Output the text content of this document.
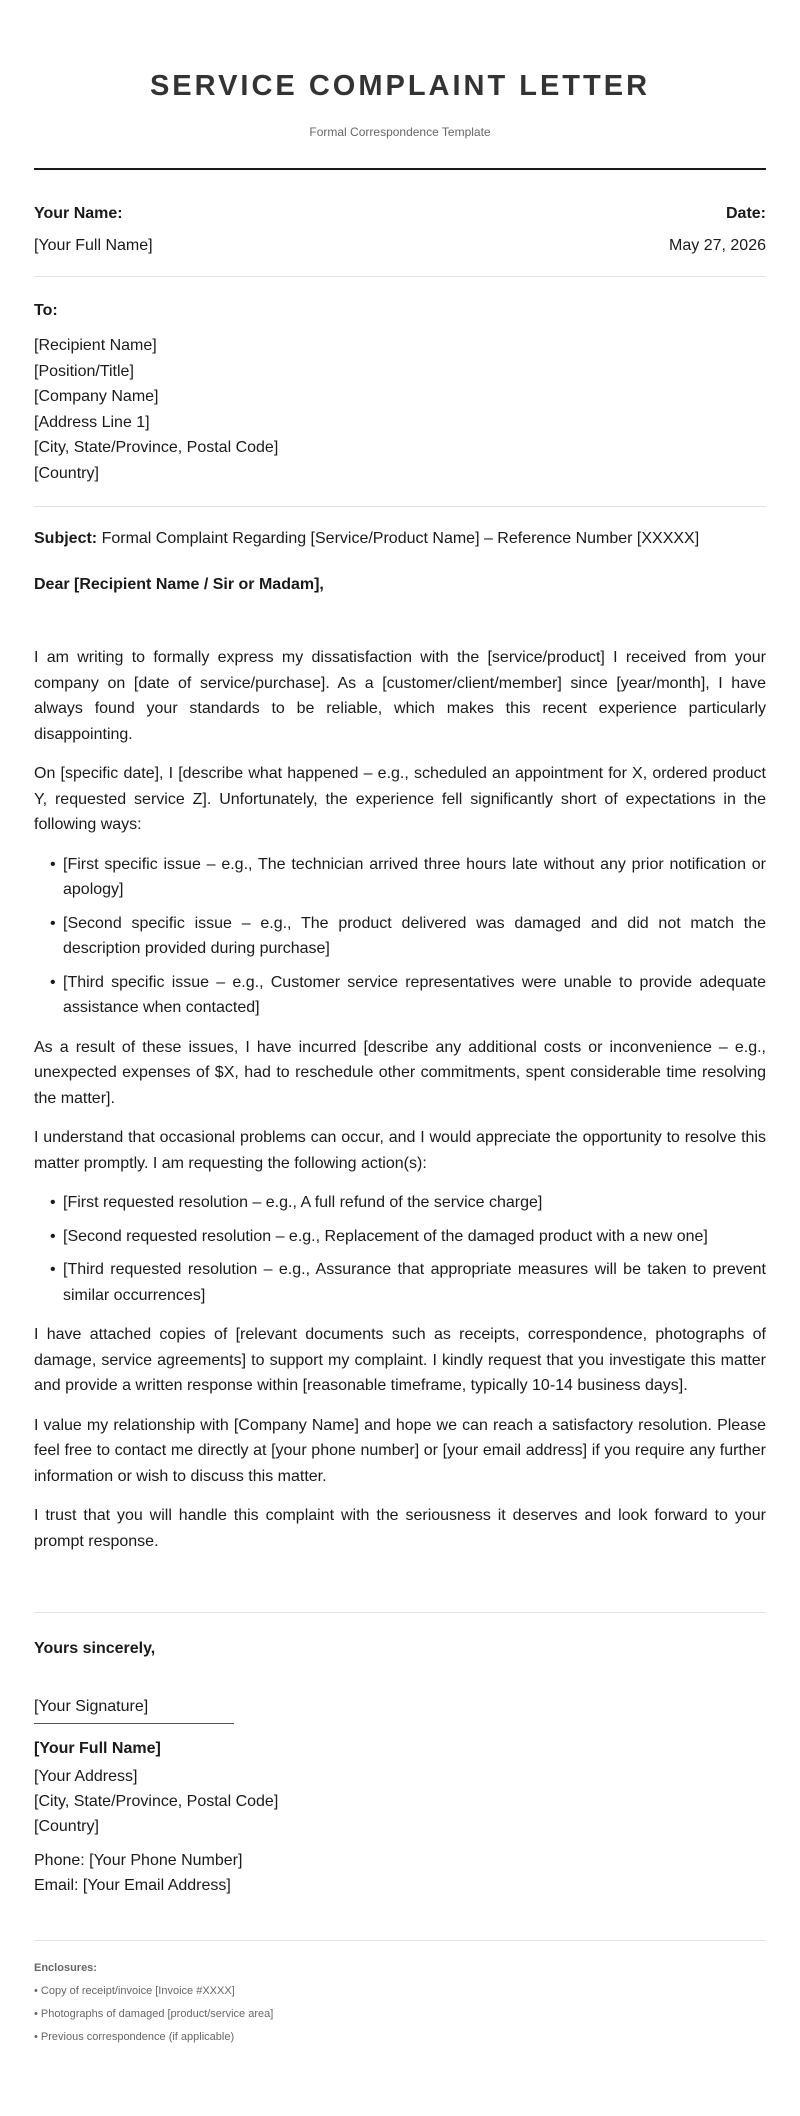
SERVICE COMPLAINT LETTER
Formal Correspondence Template
Your Name:
[Your Full Name]
Date:
May 27, 2026
To:
[Recipient Name]
[Position/Title]
[Company Name]
[Address Line 1]
[City, State/Province, Postal Code]
[Country]
Subject: Formal Complaint Regarding [Service/Product Name] – Reference Number [XXXXX]
Dear [Recipient Name / Sir or Madam],

I am writing to formally express my dissatisfaction with the [service/product] I received from your company on [date of service/purchase]. As a [customer/client/member] since [year/month], I have always found your standards to be reliable, which makes this recent experience particularly disappointing.

On [specific date], I [describe what happened – e.g., scheduled an appointment for X, ordered product Y, requested service Z]. Unfortunately, the experience fell significantly short of expectations in the following ways:

• [First specific issue – e.g., The technician arrived three hours late without any prior notification or apology]
• [Second specific issue – e.g., The product delivered was damaged and did not match the description provided during purchase]
• [Third specific issue – e.g., Customer service representatives were unable to provide adequate assistance when contacted]

As a result of these issues, I have incurred [describe any additional costs or inconvenience – e.g., unexpected expenses of $X, had to reschedule other commitments, spent considerable time resolving the matter].

I understand that occasional problems can occur, and I would appreciate the opportunity to resolve this matter promptly. I am requesting the following action(s):

• [First requested resolution – e.g., A full refund of the service charge]
• [Second requested resolution – e.g., Replacement of the damaged product with a new one]
• [Third requested resolution – e.g., Assurance that appropriate measures will be taken to prevent similar occurrences]

I have attached copies of [relevant documents such as receipts, correspondence, photographs of damage, service agreements] to support my complaint. I kindly request that you investigate this matter and provide a written response within [reasonable timeframe, typically 10-14 business days].

I value my relationship with [Company Name] and hope we can reach a satisfactory resolution. Please feel free to contact me directly at [your phone number] or [your email address] if you require any further information or wish to discuss this matter.

I trust that you will handle this complaint with the seriousness it deserves and look forward to your prompt response.

Yours sincerely,
[Your Signature]
[Your Full Name]
[Your Address]
[City, State/Province, Postal Code]
[Country]
Phone: [Your Phone Number]
Email: [Your Email Address]
Enclosures:
• Copy of receipt/invoice [Invoice #XXXX]
• Photographs of damaged [product/service area]
• Previous correspondence (if applicable)
